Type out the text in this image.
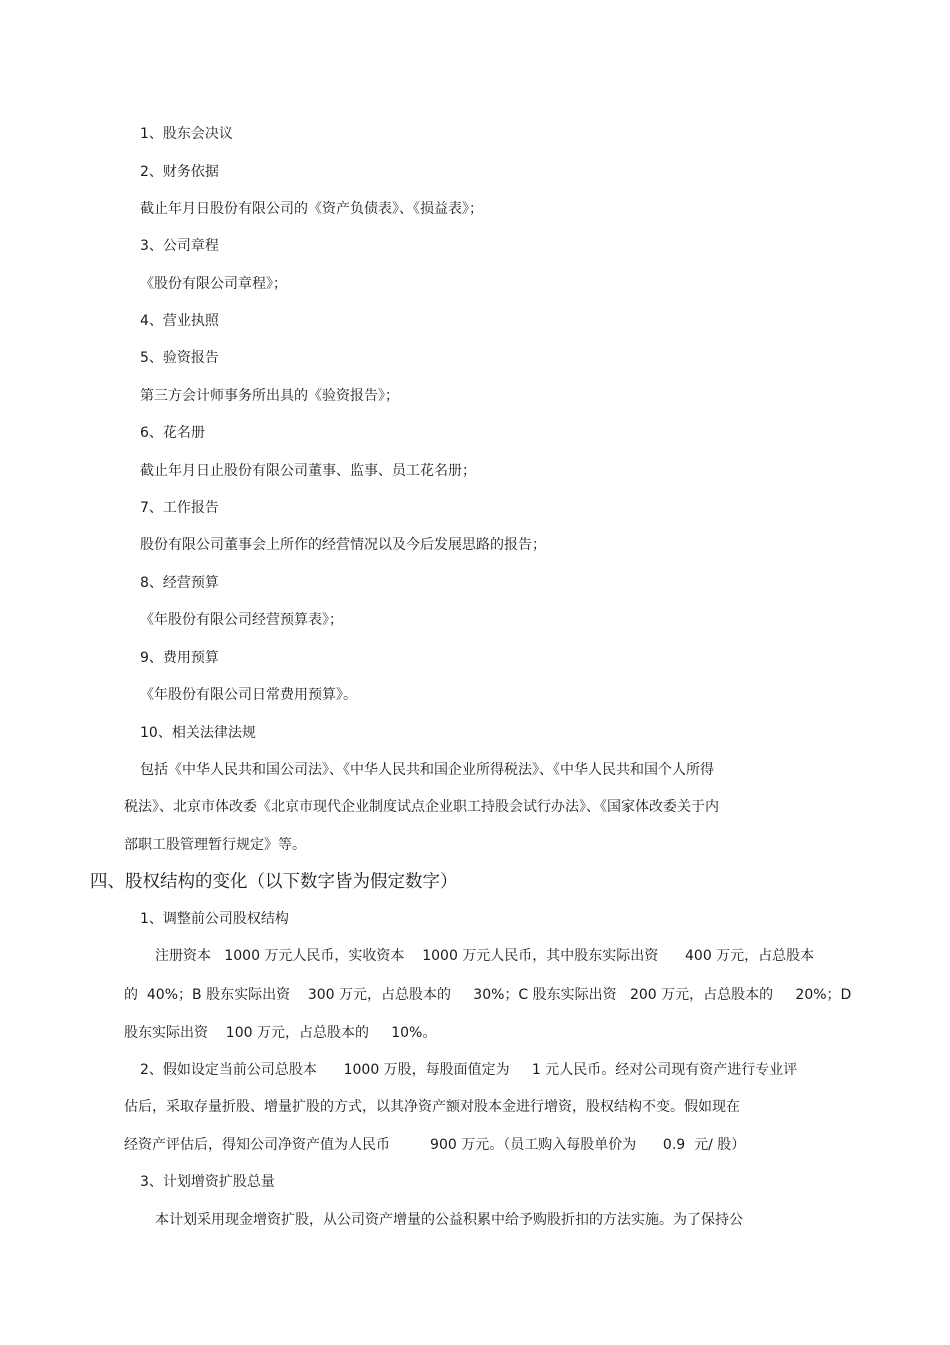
1、股东会决议
2、财务依据
截止年月日股份有限公司的《资产负债表》、《损益表》；
3、公司章程
《股份有限公司章程》；
4、营业执照
5、验资报告
第三方会计师事务所出具的《验资报告》；
6、花名册
截止年月日止股份有限公司董事、监事、员工花名册；
7、工作报告
股份有限公司董事会上所作的经营情况以及今后发展思路的报告；
8、经营预算
《年股份有限公司经营预算表》；
9、费用预算
《年股份有限公司日常费用预算》。
10、相关法律法规
包括《中华人民共和国公司法》、《中华人民共和国企业所得税法》、《中华人民共和国个人所得
税法》、北京市体改委《北京市现代企业制度试点企业职工持股会试行办法》、《国家体改委关于内
部职工股管理暂行规定》等。
四、股权结构的变化（以下数字皆为假定数字）
1、调整前公司股权结构
注册资本   1000 万元人民币，实收资本    1000 万元人民币，其中股东实际出资      400 万元，占总股本
的  40%；B 股东实际出资    300 万元，占总股本的     30%；C 股东实际出资   200 万元，占总股本的     20%；D
股东实际出资    100 万元，占总股本的     10%。
2、假如设定当前公司总股本      1000 万股，每股面值定为     1 元人民币。经对公司现有资产进行专业评
估后，采取存量折股、增量扩股的方式，以其净资产额对股本金进行增资，股权结构不变。假如现在
经资产评估后，得知公司净资产值为人民币         900 万元。（员工购入每股单价为      0.9  元/ 股）
3、计划增资扩股总量
本计划采用现金增资扩股，从公司资产增量的公益积累中给予购股折扣的方法实施。为了保持公
